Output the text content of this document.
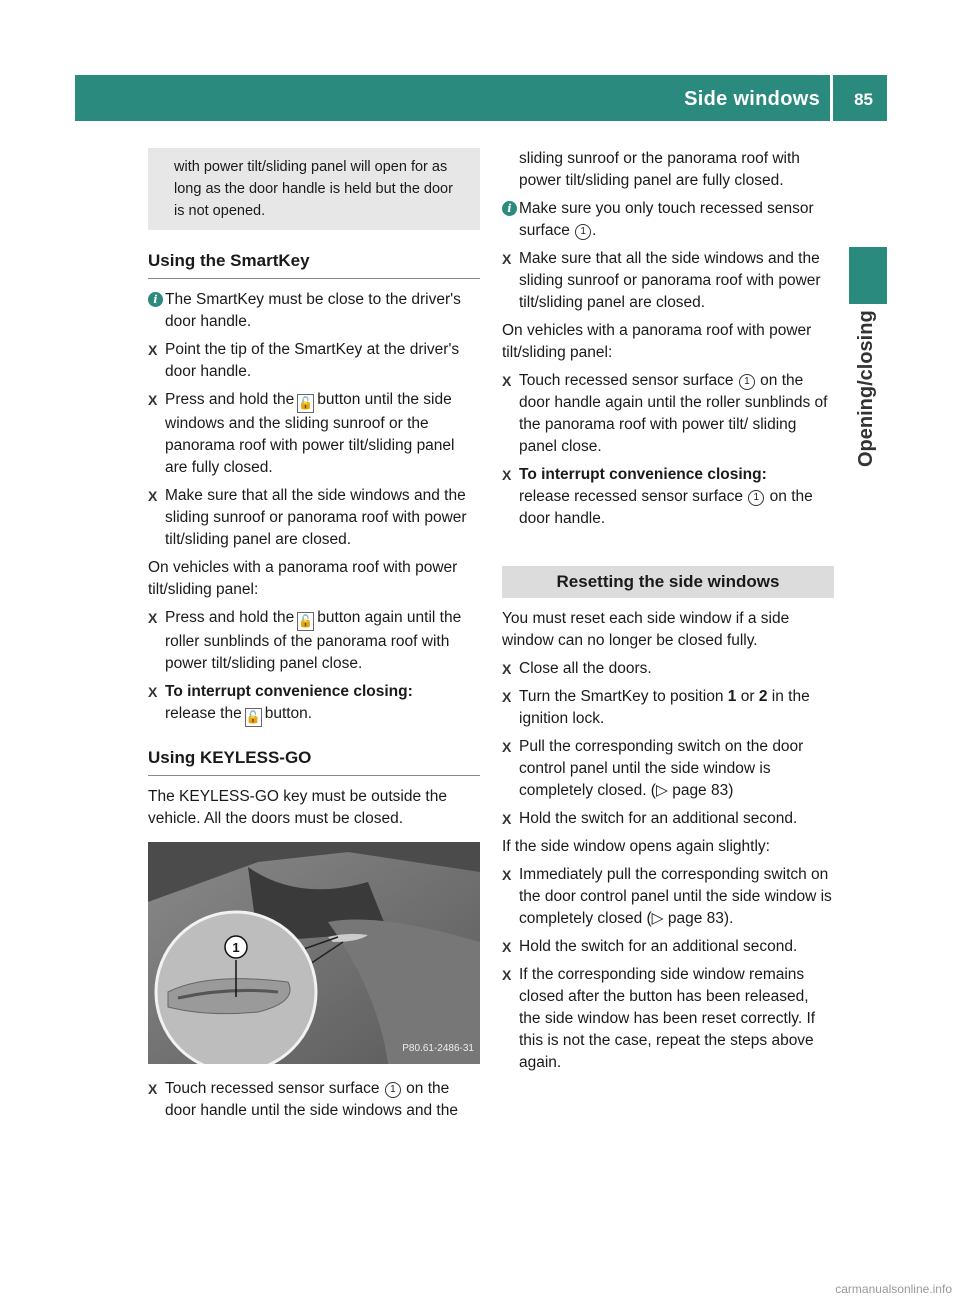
Side windows 85
Opening/closing
with power tilt/sliding panel will open for as long as the door handle is held but the door is not opened.
Using the SmartKey
i The SmartKey must be close to the driver's door handle.
X Point the tip of the SmartKey at the driver's door handle.
X Press and hold the 🔓 button until the side windows and the sliding sunroof or the panorama roof with power tilt/sliding panel are fully closed.
X Make sure that all the side windows and the sliding sunroof or panorama roof with power tilt/sliding panel are closed.

On vehicles with a panorama roof with power tilt/sliding panel:

X Press and hold the 🔓 button again until the roller sunblinds of the panorama roof with power tilt/sliding panel close.
X To interrupt convenience closing:
release the 🔓 button.
Using KEYLESS-GO

The KEYLESS-GO key must be outside the vehicle. All the doors must be closed.

1
P80.61-2486-31
X Touch recessed sensor surface 1 on the door handle until the side windows and the

sliding sunroof or the panorama roof with power tilt/sliding panel are fully closed.

i Make sure you only touch recessed sensor surface 1 .
X Make sure that all the side windows and the sliding sunroof or panorama roof with power tilt/sliding panel are closed.

On vehicles with a panorama roof with power tilt/sliding panel:

X Touch recessed sensor surface 1 on the door handle again until the roller sunblinds of the panorama roof with power tilt/ sliding panel close.
X To interrupt convenience closing:
release recessed sensor surface 1 on the door handle.
Resetting the side windows

You must reset each side window if a side window can no longer be closed fully.

X Close all the doors.
X Turn the SmartKey to position 1 or 2 in the ignition lock.
X Pull the corresponding switch on the door control panel until the side window is completely closed. (▷ page 83)
X Hold the switch for an additional second.

If the side window opens again slightly:

X Immediately pull the corresponding switch on the door control panel until the side window is completely closed (▷ page 83).
X Hold the switch for an additional second.
X If the corresponding side window remains closed after the button has been released, the side window has been reset correctly. If this is not the case, repeat the steps above again.
carmanualsonline.info
